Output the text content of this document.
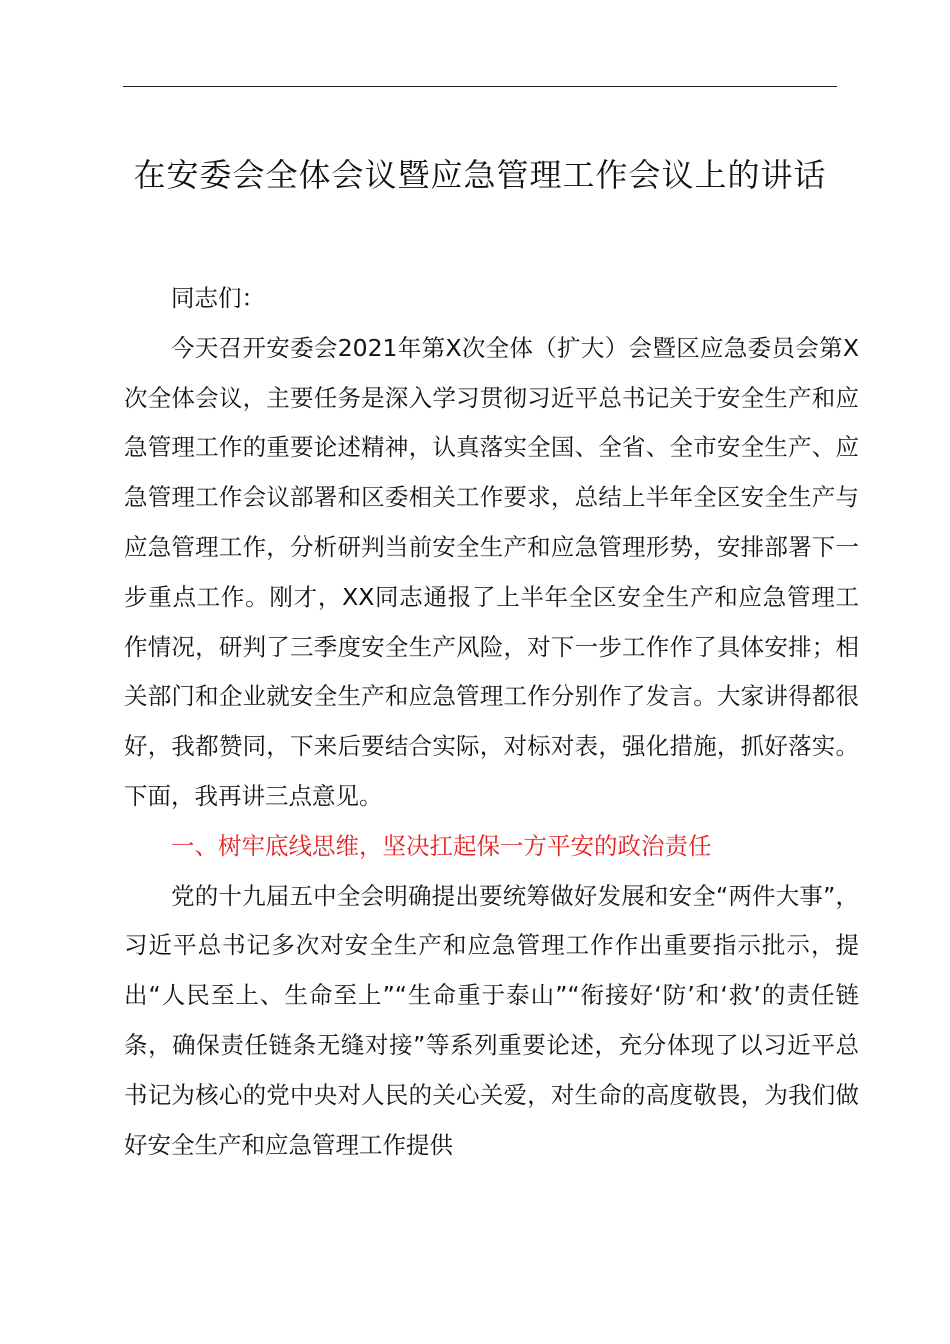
在安委会全体会议暨应急管理工作会议上的讲话

同志们：

今天召开安委会2021年第X次全体（扩大）会暨区应急委员会第X次全体会议，主要任务是深入学习贯彻习近平总书记关于安全生产和应急管理工作的重要论述精神，认真落实全国、全省、全市安全生产、应急管理工作会议部署和区委相关工作要求，总结上半年全区安全生产与应急管理工作，分析研判当前安全生产和应急管理形势，安排部署下一步重点工作。刚才，XX同志通报了上半年全区安全生产和应急管理工作情况，研判了三季度安全生产风险，对下一步工作作了具体安排；相关部门和企业就安全生产和应急管理工作分别作了发言。大家讲得都很好，我都赞同，下来后要结合实际，对标对表，强化措施，抓好落实。下面，我再讲三点意见。

一、树牢底线思维，坚决扛起保一方平安的政治责任

党的十九届五中全会明确提出要统筹做好发展和安全“两件大事”，习近平总书记多次对安全生产和应急管理工作作出重要指示批示，提出“人民至上、生命至上”“生命重于泰山”“衔接好‘防’和‘救’的责任链条，确保责任链条无缝对接”等系列重要论述，充分体现了以习近平总书记为核心的党中央对人民的关心关爱，对生命的高度敬畏，为我们做好安全生产和应急管理工作提供
